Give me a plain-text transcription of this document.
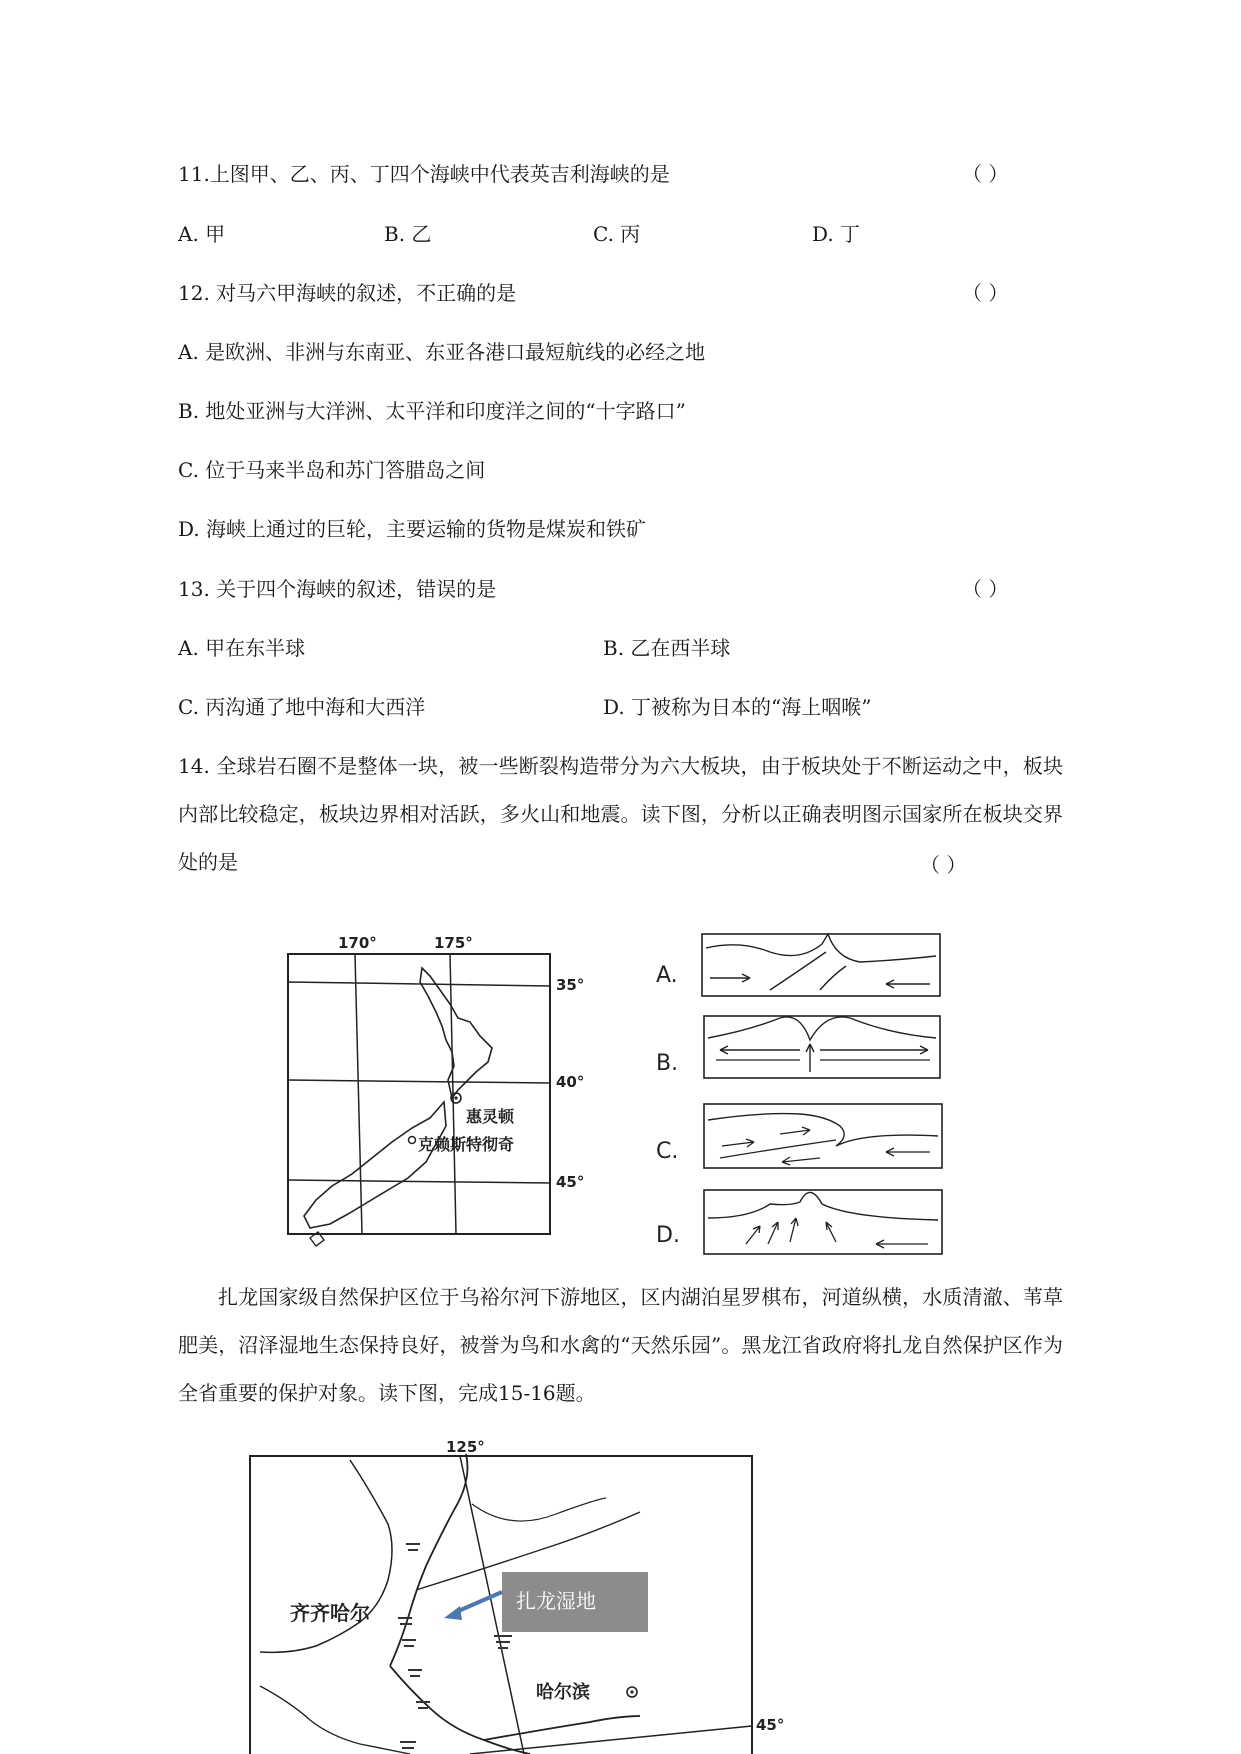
11.上图甲、乙、丙、丁四个海峡中代表英吉利海峡的是	（ ）
A. 甲	B. 乙	C. 丙	D. 丁
12. 对马六甲海峡的叙述，不正确的是	（ ）
A. 是欧洲、非洲与东南亚、东亚各港口最短航线的必经之地
B. 地处亚洲与大洋洲、太平洋和印度洋之间的“十字路口”
C. 位于马来半岛和苏门答腊岛之间
D. 海峡上通过的巨轮，主要运输的货物是煤炭和铁矿
13. 关于四个海峡的叙述，错误的是	（ ）
A. 甲在东半球	B. 乙在西半球
C. 丙沟通了地中海和大西洋	D. 丁被称为日本的“海上咽喉”
14. 全球岩石圈不是整体一块，被一些断裂构造带分为六大板块，由于板块处于不断运动之中，板块内部比较稳定，板块边界相对活跃，多火山和地震。读下图，分析以正确表明图示国家所在板块交界处的是	（ ）
170°	175°
35°
40°
45°
惠灵顿
克赖斯特彻奇
A.
B.
C.
D.
扎龙国家级自然保护区位于乌裕尔河下游地区，区内湖泊星罗棋布，河道纵横，水质清澈、苇草肥美，沼泽湿地生态保持良好，被誉为鸟和水禽的“天然乐园”。黑龙江省政府将扎龙自然保护区作为全省重要的保护对象。读下图，完成15-16题。
扎龙湿地
125°
45°
齐齐哈尔
哈尔滨
